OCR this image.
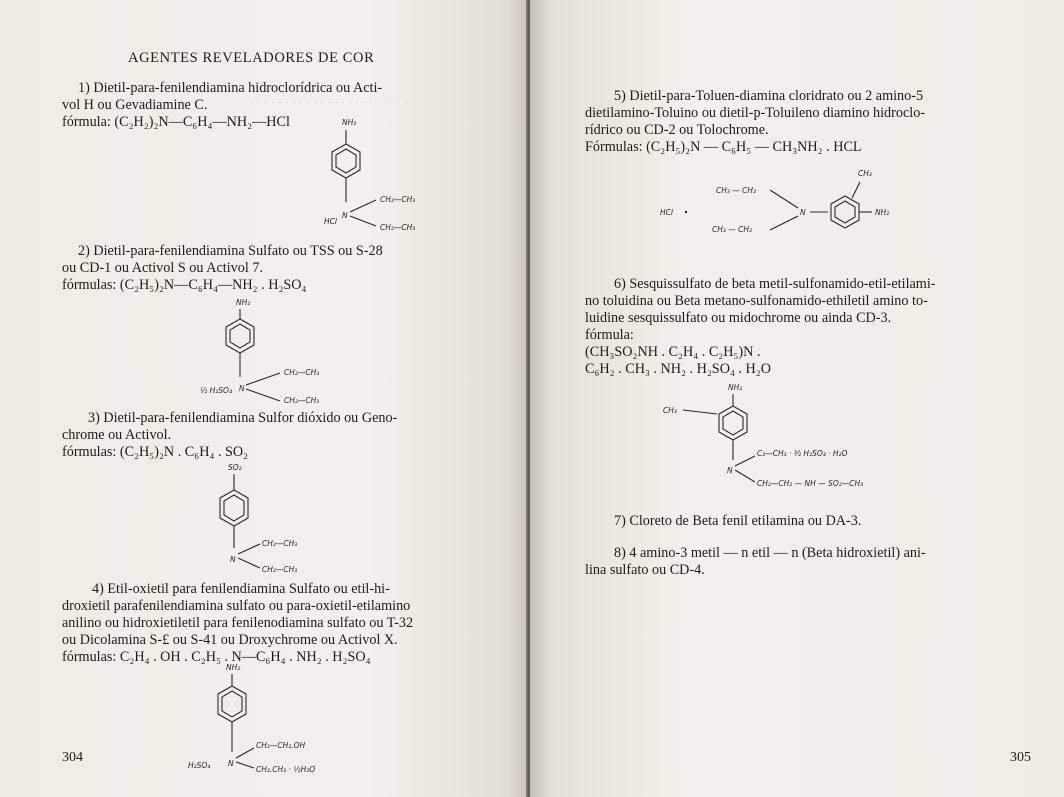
· · · · · · · · · · · · · · · · · · · · · · ·
AGENTES REVELADORES DE COR
1) Dietil-para-fenilendiamina hidroclorídrica ou Acti-
vol H ou Gevadiamine C.
fórmula: (C₂H₂)₂N—C₆H₄—NH₂—HCl	NH₂
HCl
N
CH₂—CH₃
CH₂—CH₃
2) Dietil-para-fenilendiamina Sulfato ou TSS ou S-28
ou CD-1 ou Activol S ou Activol 7.
fórmulas: (C₂H₅)₂N—C₆H₄—NH₂ . H₂SO₄
NH₂
½ H₂SO₄ N
CH₂—CH₃
CH₂—CH₃
3) Dietil-para-fenilendiamina Sulfor dióxido ou Geno-
chrome ou Activol.
fórmulas: (C₂H₅)₂N . C₆H₄ . SO₂
SO₂
N
CH₂—CH₃
CH₂—CH₃
4) Etil-oxietil para fenilendiamina Sulfato ou etil-hi-
droxietil parafenilendiamina sulfato ou para-oxietil-etilamino
anilino ou hidroxietiletil para fenilenodiamina sulfato ou T-32
ou Dicolamina S-£ ou S-41 ou Droxychrome ou Activol X.
fórmulas: C₂H₄ . OH . C₂H₅ . N—C₆H₄ . NH₂ . H₂SO₄
NH₂
H₂SO₄ N
CH₂—CH₂.OH
CH₂.CH₃ · ½H₂O
304
5) Dietil-para-Toluen-diamina cloridrato ou 2 amino-5
dietilamino-Toluino ou dietil-p-Toluileno diamino hidroclo-
rídrico ou CD-2 ou Tolochrome.
Fórmulas: (C₂H₅)₂N — C₆H₅ — CH₃NH₂ . HCL
HCl
CH₃ — CH₂
CH₃ — CH₂
N
CH₃
NH₂
6) Sesquissulfato de beta metil-sulfonamido-etil-etilami-
no toluidina ou Beta metano-sulfonamido-ethiletil amino to-
luidine sesquissulfato ou midochrome ou ainda CD-3.
fórmula:
(CH₃SO₂NH . C₂H₄ . C₂H₅)N .
C₆H₂ . CH₃ . NH₂ . H₂SO₄ . H₂O
NH₂
CH₃
N
C₂—CH₃ · ³⁄₂ H₂SO₄ · H₂O
CH₂—CH₂ — NH — SO₂—CH₃
7) Cloreto de Beta fenil etilamina ou DA-3.
8) 4 amino-3 metil — n etil — n (Beta hidroxietil) ani-
lina sulfato ou CD-4.
305
